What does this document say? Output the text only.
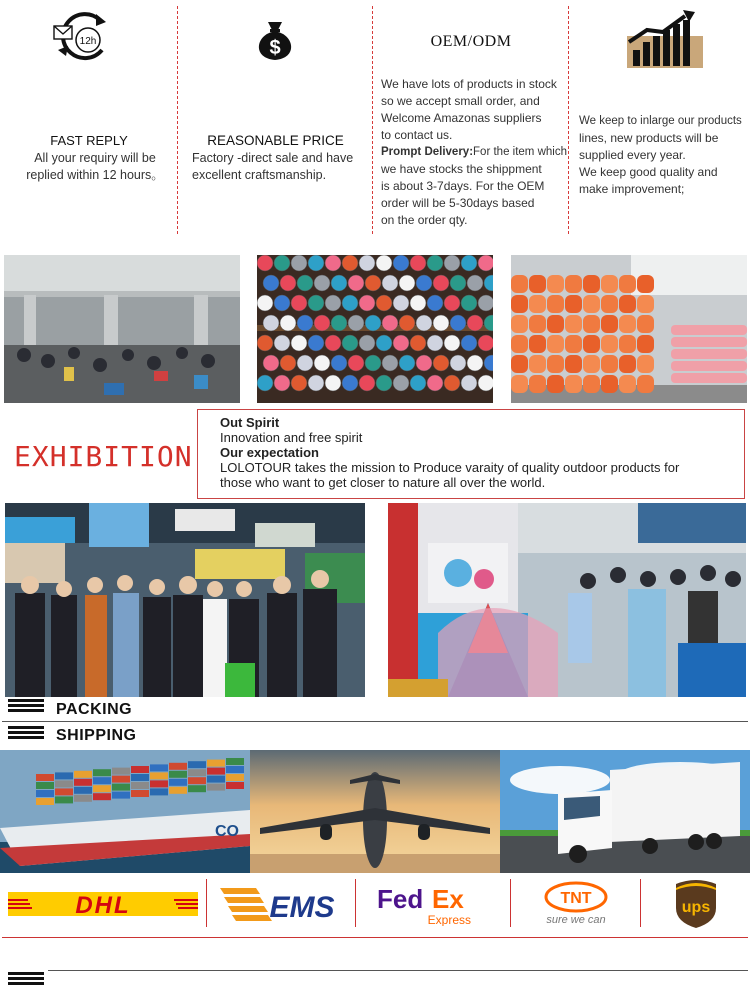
12h
FAST REPLY
All your requiry will be
replied within 12 hours。
$
REASONABLE PRICE
Factory -direct sale and have
excellent craftsmanship.
OEM/ODM
We have lots of products in stock
so we accept small order, and
Welcome Amazonas suppliers
to contact us.
Prompt Delivery:For the item which
we have stocks the shippment
is about 3-7days. For the OEM
order will be 5-30days based
on the order qty.
We keep to inlarge our products
lines, new products will be
supplied every year.
We keep good quality and
make improvement;
EXHIBITION
Out Spirit
Innovation and free spirit
Our expectation
LOLOTOUR takes the mission to Produce varaity of quality outdoor products for
those who want to get closer to nature all over the world.
PACKING
SHIPPING
CO
DHL	EMS Fed Ex
Express
TNT
sure we can
ups
